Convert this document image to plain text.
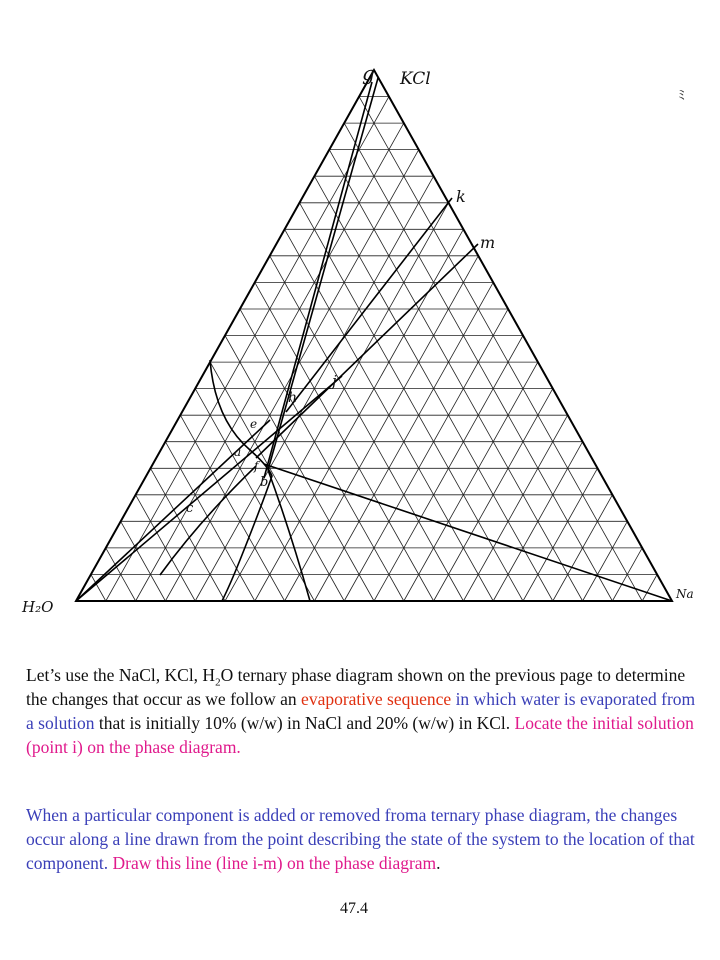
KCl
H₂O
Na
ﾐ
g
k
m
j
h
e
f
b
c
a
Let’s use the NaCl, KCl, $H_2O$ ternary phase diagram shown on the previous page to determine the changes that occur as we follow an evaporative sequence in which water is evaporated from a solution that is initially 10% (w/w) in NaCl and 20% (w/w) in KCl. Locate the initial solution (point i) on the phase diagram.
When a particular component is added or removed froma ternary phase diagram, the changes occur along a line drawn from the point describing the state of the system to the location of that component. Draw this line (line i-m) on the phase diagram.
47.4
